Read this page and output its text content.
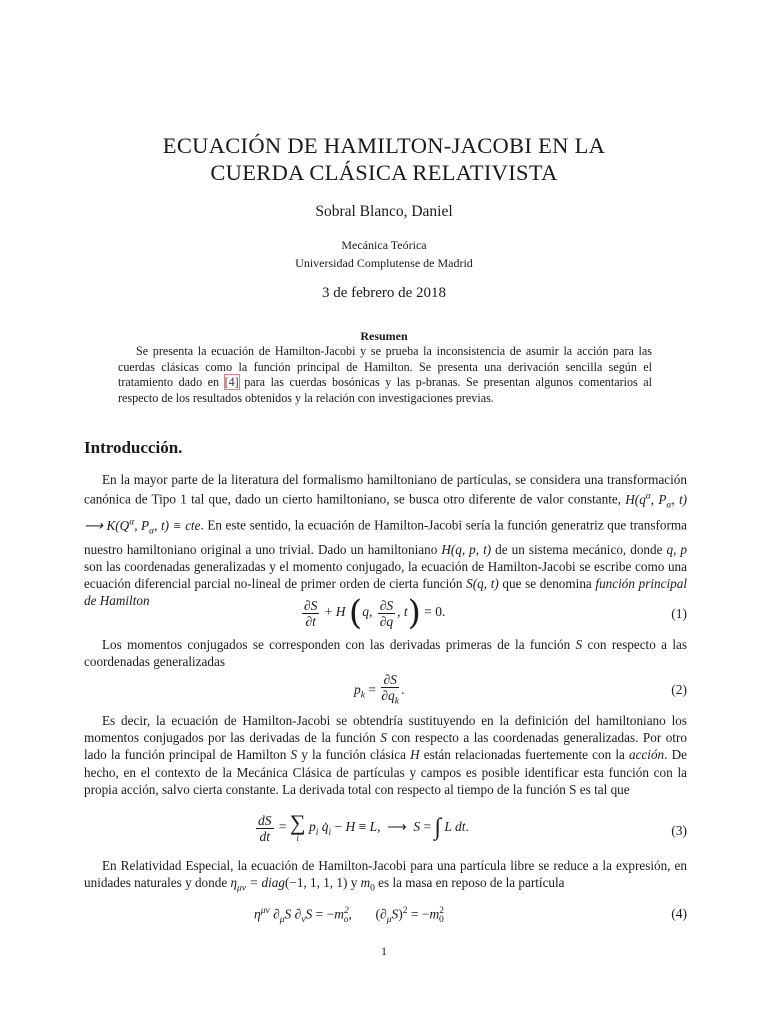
ECUACIÓN DE HAMILTON-JACOBI EN LA
CUERDA CLÁSICA RELATIVISTA
Sobral Blanco, Daniel
Mecánica Teórica
Universidad Complutense de Madrid
3 de febrero de 2018
Resumen

Se presenta la ecuación de Hamilton-Jacobi y se prueba la inconsistencia de asumir la acción para las cuerdas clásicas como la función principal de Hamilton. Se presenta una derivación sencilla según el tratamiento dado en [4] para las cuerdas bosónicas y las p-branas. Se presentan algunos comentarios al respecto de los resultados obtenidos y la relación con investigaciones previas.

Introducción.

En la mayor parte de la literatura del formalismo hamiltoniano de partículas, se considera una transformación canónica de Tipo 1 tal que, dado un cierto hamiltoniano, se busca otro diferente de valor constante, $H(q^\alpha$, $P_\alpha$, t) ⟶ $K(Q^\alpha$, $P_\alpha$, t) ≡ cte. En este sentido, la ecuación de Hamilton-Jacobi sería la función generatriz que transforma nuestro hamiltoniano original a uno trivial. Dado un hamiltoniano H(q, p, t) de un sistema mecánico, donde q, p son las coordenadas generalizadas y el momento conjugado, la ecuación de Hamilton-Jacobi se escribe como una ecuación diferencial parcial no-lineal de primer orden de cierta función S(q, t) que se denomina función principal de Hamilton	$\frac{\partial S}{\partial t} + H$ (q, $\frac{\partial S}{\partial q}$ , t) = 0.	(1)

Los momentos conjugados se corresponden con las derivadas primeras de la función S con respecto a las coordenadas generalizadas

$p_k = \frac{\partial S}{\partial q_k}$ .	(2)

Es decir, la ecuación de Hamilton-Jacobi se obtendría sustituyendo en la definición del hamiltoniano los momentos conjugados por las derivadas de la función S con respecto a las coordenadas generalizadas. Por otro lado la función principal de Hamilton S y la función clásica H están relacionadas fuertemente con la acción. De hecho, en el contexto de la Mecánica Clásica de partículas y campos es posible identificar esta función con la propia acción, salvo cierta constante. La derivada total con respecto al tiempo de la función S es tal que

$\frac{dS}{dt}$ = ∑
i
$p_i$ $q̇_i - H \equiv L$,  ⟶  S = ∫ L dt.	(3)

En Relatividad Especial, la ecuación de Hamilton-Jacobi para una partícula libre se reduce a la expresión, en unidades naturales y donde $\eta_{\mu\nu}$ = diag(−1, 1, 1, 1) y $m_0$ es la masa en reposo de la partícula

$\eta^{\mu\nu}$ $\partial_\mu S$ $\partial_\nu S = -m^2_o$, $(\partial_\mu S)^2 = -m^2_0$	(4)
1
